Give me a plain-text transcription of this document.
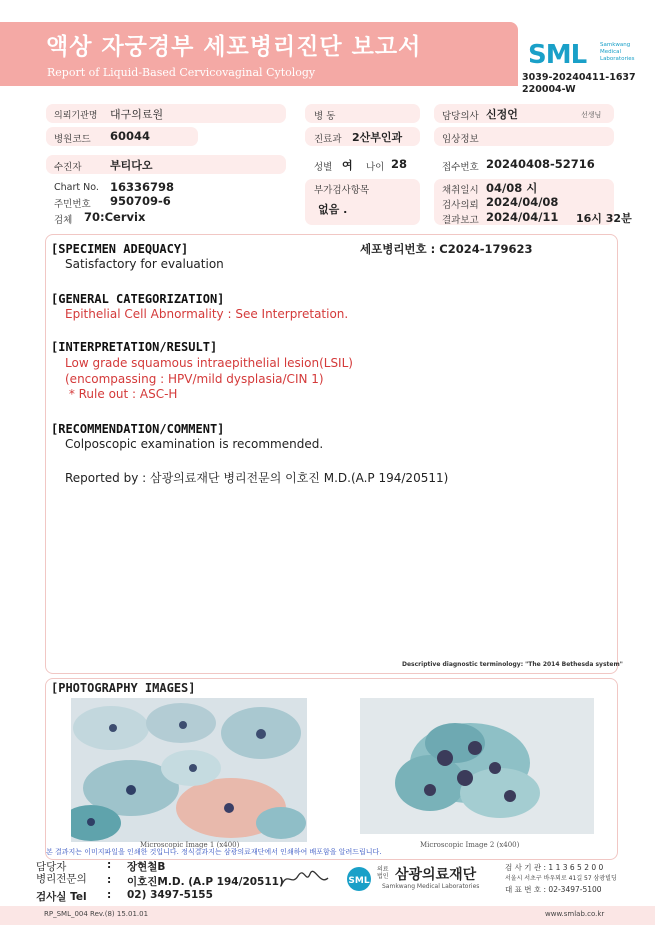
액상 자궁경부 세포병리진단 보고서
Report of Liquid-Based Cervicovaginal Cytology
SML	Samkwang Medical Laboratories
3039-20240411-1637
220004-W
의뢰기관명 대구의료원	병 동	담당의사 신정언	선생님
병원코드 60044	진료과 2산부인과	임상정보
수진자	부티다오	성별 여 나이 28	접수번호 20240408-52716
Chart No. 16336798
주민번호 950709-6
검체 70:Cervix
부가검사항목
없음 .
채취일시 04/08 시
검사의뢰 2024/04/08
결과보고 2024/04/11 16시 32분
[SPECIMEN ADEQUACY]	세포병리번호 : C2024-179623
Satisfactory for evaluation
[GENERAL CATEGORIZATION]
Epithelial Cell Abnormality : See Interpretation.
[INTERPRETATION/RESULT]
Low grade squamous intraepithelial lesion(LSIL)
(encompassing : HPV/mild dysplasia/CIN 1)
* Rule out : ASC-H
[RECOMMENDATION/COMMENT]
Colposcopic examination is recommended.
Reported by : 삼광의료재단 병리전문의 이호진 M.D.(A.P 194/20511)
Descriptive diagnostic terminology: "The 2014 Bethesda system"
[PHOTOGRAPHY IMAGES]
Microscopic Image 1 (x400)	Microscopic Image 2 (x400)
본 결과지는 이미지파일을 인쇄한 것입니다. 정식결과지는 삼광의료재단에서 인쇄하여 배포함을 알려드립니다.
담당자	: 장현철B
병리전문의 : 이호진M.D. (A.P 194/20511)
검사실 Tel : 02) 3497-5155
SML
의료
법인 삼광의료재단
Samkwang Medical Laboratories
검 사 기 관 : 1 1 3 6 5 2 0 0
서울시 서초구 바우뫼로 41길 57 삼광빌딩
대 표 번 호 : 02-3497-5100
RP_SML_004 Rev.(8) 15.01.01	www.smlab.co.kr
